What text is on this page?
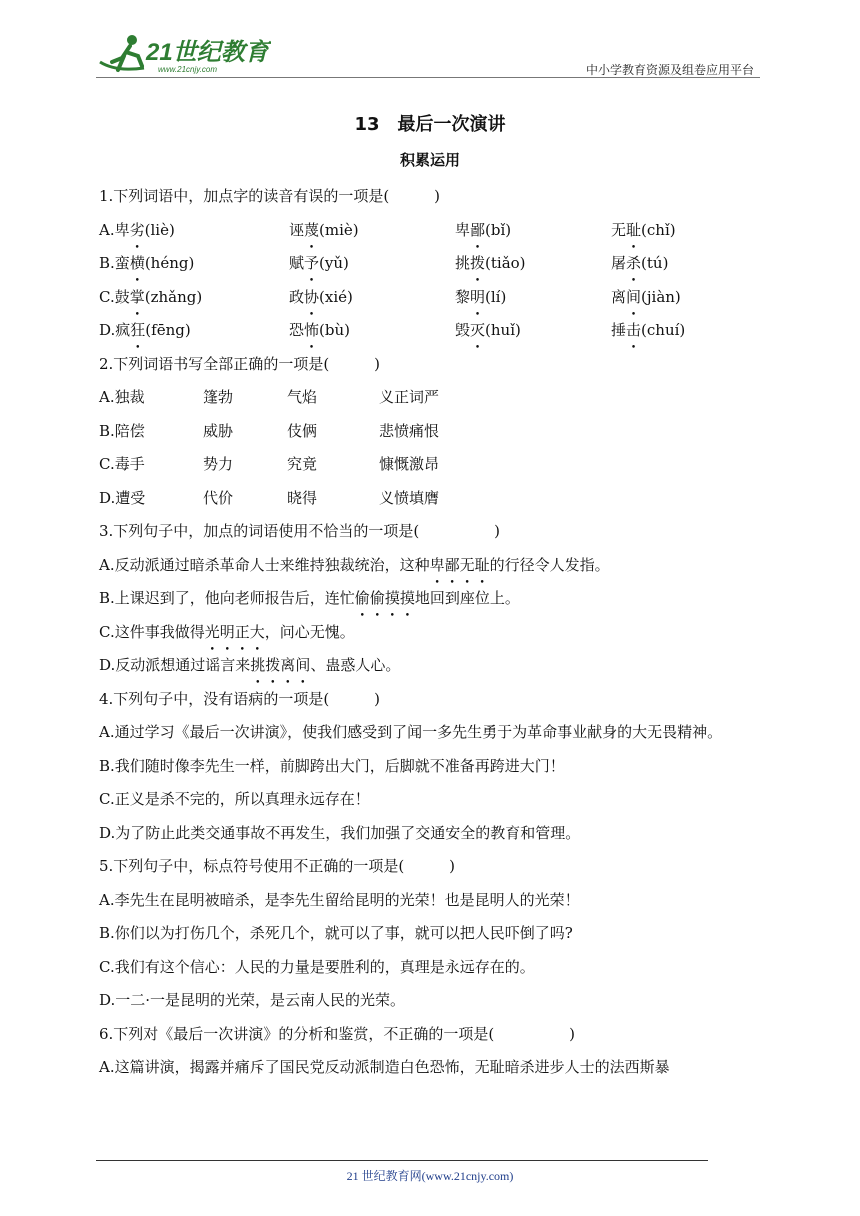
21世纪教育
www.21cnjy.com	中小学教育资源及组卷应用平台
13　最后一次演讲
积累运用
1.下列词语中，加点字的读音有误的一项是(　　　)
A.卑劣(liè)	诬蔑(miè)	卑鄙(bǐ)	无耻(chǐ)
B.蛮横(héng)	赋予(yǔ)	挑拨(tiǎo)	屠杀(tú)
C.鼓掌(zhǎng)	政协(xié)	黎明(lí)	离间(jiàn)
D.疯狂(fēng)	恐怖(bù)	毁灭(huǐ)	捶击(chuí)
2.下列词语书写全部正确的一项是(　　　)
A.独裁	篷勃	气焰	义正词严
B.陪偿	威胁	伎俩	悲愤痛恨
C.毒手	势力	究竟	慷慨激昂
D.遭受	代价	晓得	义愤填膺
3.下列句子中，加点的词语使用不恰当的一项是(　　　　　)
A.反动派通过暗杀革命人士来维持独裁统治，这种卑鄙无耻的行径令人发指。
B.上课迟到了，他向老师报告后，连忙偷偷摸摸地回到座位上。
C.这件事我做得光明正大，问心无愧。
D.反动派想通过谣言来挑拨离间、蛊惑人心。
4.下列句子中，没有语病的一项是(　　　)
A.通过学习《最后一次讲演》，使我们感受到了闻一多先生勇于为革命事业献身的大无畏精神。
B.我们随时像李先生一样，前脚跨出大门，后脚就不准备再跨进大门！
C.正义是杀不完的，所以真理永远存在！
D.为了防止此类交通事故不再发生，我们加强了交通安全的教育和管理。
5.下列句子中，标点符号使用不正确的一项是(　　　)
A.李先生在昆明被暗杀，是李先生留给昆明的光荣！也是昆明人的光荣！
B.你们以为打伤几个，杀死几个，就可以了事，就可以把人民吓倒了吗?
C.我们有这个信心：人民的力量是要胜利的，真理是永远存在的。
D.一二·一是昆明的光荣，是云南人民的光荣。
6.下列对《最后一次讲演》的分析和鉴赏，不正确的一项是(　　　　　)
A.这篇讲演，揭露并痛斥了国民党反动派制造白色恐怖，无耻暗杀进步人士的法西斯暴
21 世纪教育网(www.21cnjy.com)
